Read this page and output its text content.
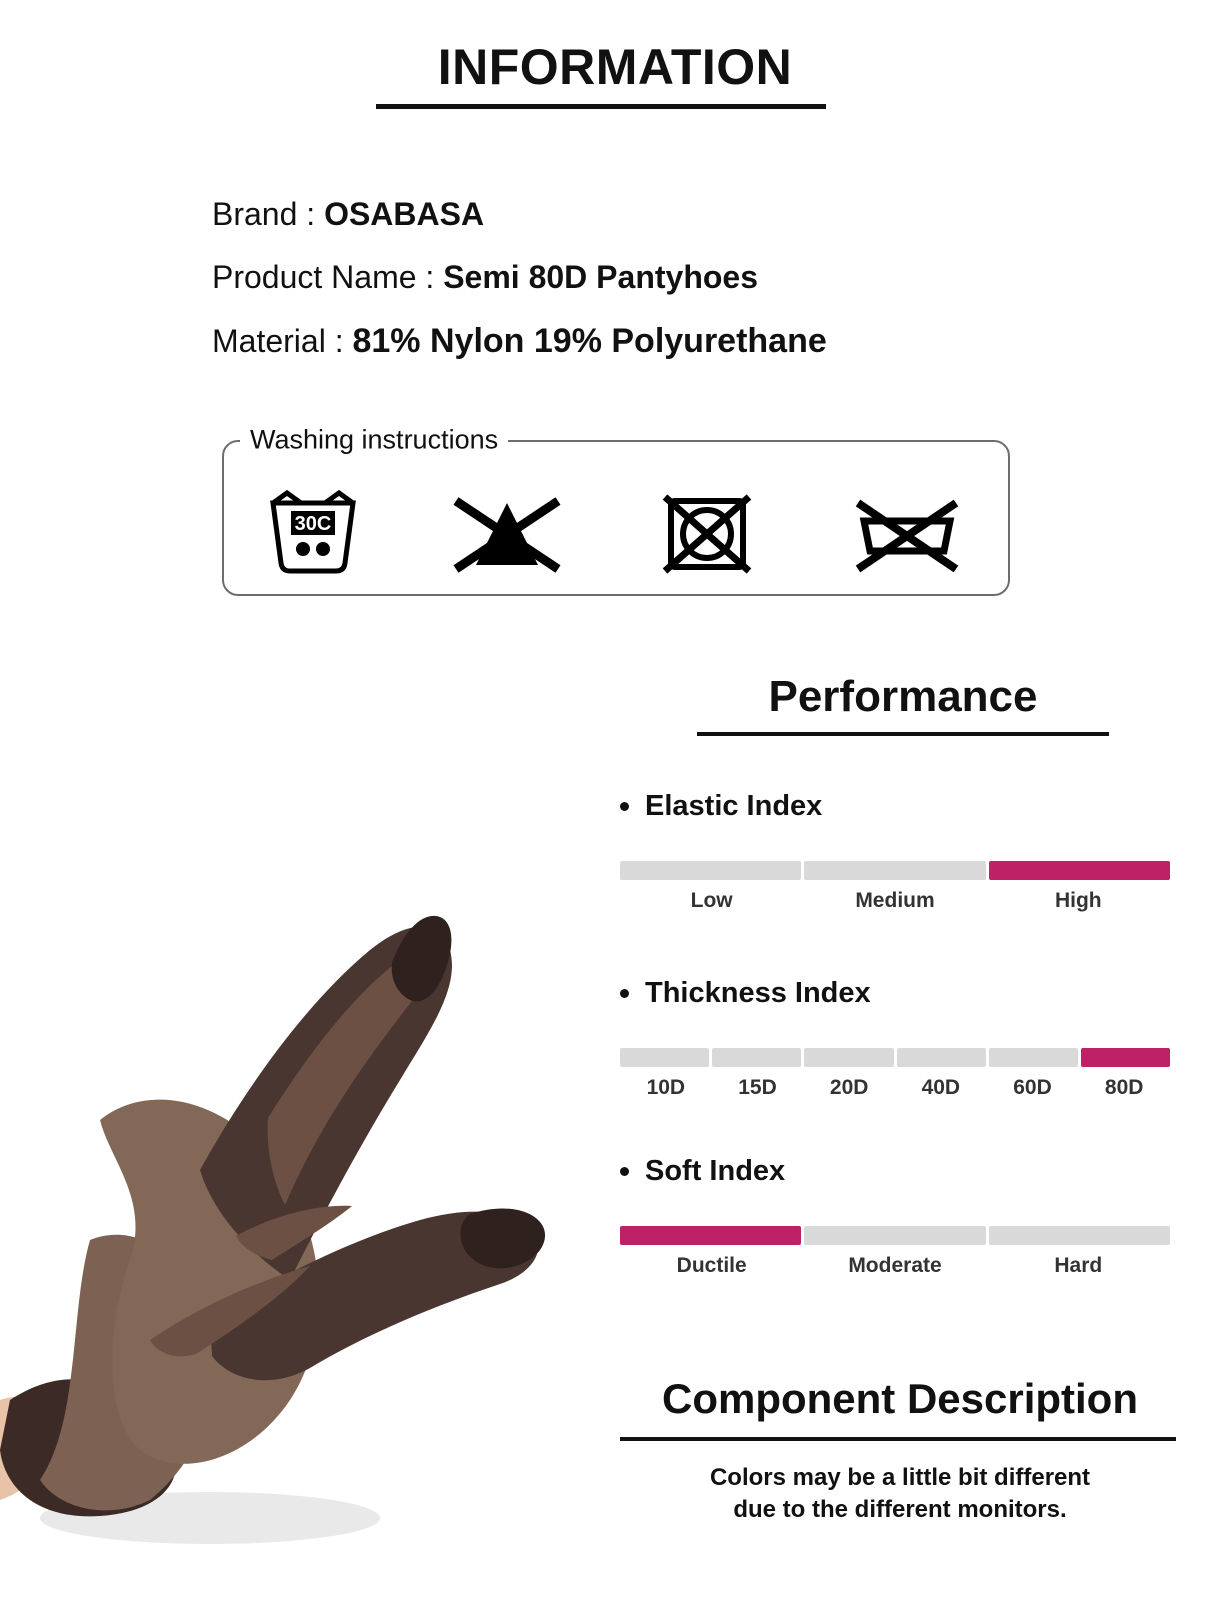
INFORMATION
Brand : OSABASA
Product Name : Semi 80D Pantyhoes
Material : 81% Nylon 19% Polyurethane
Washing instructions
30C
Performance
Elastic Index
Low	Medium	High
Thickness Index
10D	15D	20D	40D	60D	80D
Soft Index
Ductile	Moderate	Hard
Component Description
Colors may be a little bit different
due to the different monitors.
